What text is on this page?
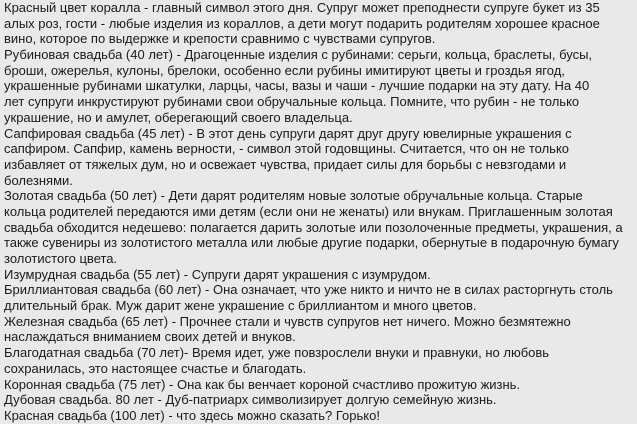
Красный цвет коралла - главный символ этого дня. Супруг может преподнести супруге букет из 35
алых роз, гости - любые изделия из кораллов, а дети могут подарить родителям хорошее красное
вино, которое по выдержке и крепости сравнимо с чувствами супругов.
Рубиновая свадьба (40 лет) - Драгоценные изделия с рубинами: серьги, кольца, браслеты, бусы,
броши, ожерелья, кулоны, брелоки, особенно если рубины имитируют цветы и гроздья ягод,
украшенные рубинами шкатулки, ларцы, часы, вазы и чаши - лучшие подарки на эту дату. На 40
лет супруги инкрустируют рубинами свои обручальные кольца. Помните, что рубин - не только
украшение, но и амулет, оберегающий своего владельца.
Сапфировая свадьба (45 лет) - В этот день супруги дарят друг другу ювелирные украшения с
сапфиром. Сапфир, камень верности, - символ этой годовщины. Считается, что он не только
избавляет от тяжелых дум, но и освежает чувства, придает силы для борьбы с невзгодами и
болезнями.
Золотая свадьба (50 лет) - Дети дарят родителям новые золотые обручальные кольца. Старые
кольца родителей передаются ими детям (если они не женаты) или внукам. Приглашенным золотая
свадьба обходится недешево: полагается дарить золотые или позолоченные предметы, украшения, а
также сувениры из золотистого металла или любые другие подарки, обернутые в подарочную бумагу
золотистого цвета.
Изумрудная свадьба (55 лет) - Супруги дарят украшения с изумрудом.
Бриллиантовая свадьба (60 лет) - Она означает, что уже никто и ничто не в силах расторгнуть столь
длительный брак. Муж дарит жене украшение с бриллиантом и много цветов.
Железная свадьба (65 лет) - Прочнее стали и чувств супругов нет ничего. Можно безмятежно
наслаждаться вниманием своих детей и внуков.
Благодатная свадьба (70 лет)- Время идет, уже повзрослели внуки и правнуки, но любовь
сохранилась, это настоящее счастье и благодать.
Коронная свадьба (75 лет) - Она как бы венчает короной счастливо прожитую жизнь.
Дубовая свадьба. 80 лет - Дуб-патриарх символизирует долгую семейную жизнь.
Красная свадьба (100 лет) - что здесь можно сказать? Горько!
